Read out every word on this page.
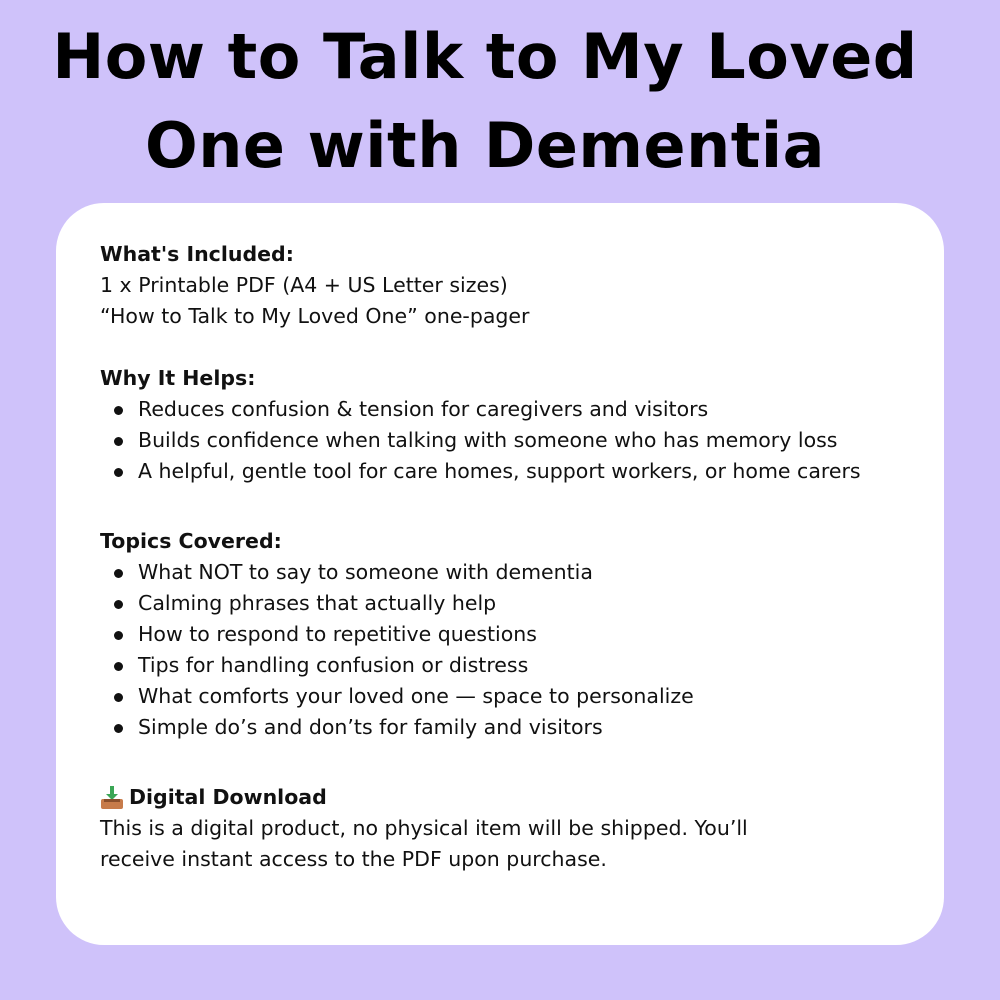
How to Talk to My Loved
One with Dementia

What's Included:

1 x Printable PDF (A4 + US Letter sizes)

“How to Talk to My Loved One” one-pager

Why It Helps:

Reduces confusion & tension for caregivers and visitors
Builds confidence when talking with someone who has memory loss
A helpful, gentle tool for care homes, support workers, or home carers

Topics Covered:

What NOT to say to someone with dementia
Calming phrases that actually help
How to respond to repetitive questions
Tips for handling confusion or distress
What comforts your loved one — space to personalize
Simple do’s and don’ts for family and visitors

Digital Download

This is a digital product, no physical item will be shipped. You’ll

receive instant access to the PDF upon purchase.
